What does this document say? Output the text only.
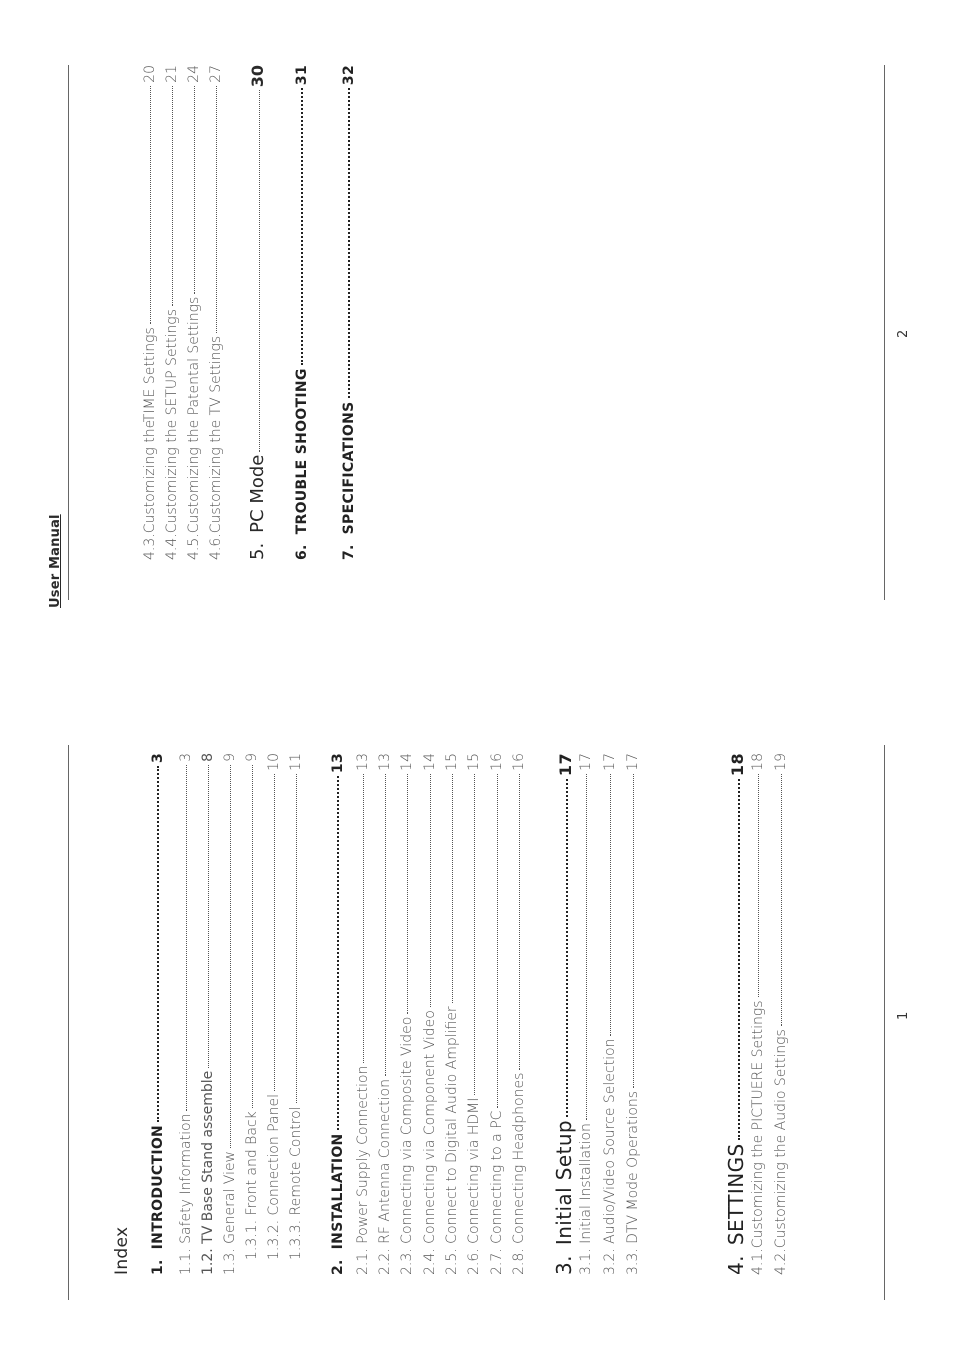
Index 1.INTRODUCTION
3
1.1. Safety Information
3
1.2. TV Base Stand assemble
8
1.3. General View
9
1.3.1. Front and Back
9
1.3.2. Connection Panel
10
1.3.3. Remote Control
11
2.INSTALLATION
13
2.1. Power Supply Connection
13
2.2. RF Antenna Connection
13
2.3. Connecting via Composite Video
14
2.4. Connecting via Component Video
14
2.5. Connect to Digital Audio Amplifier
15
2.6. Connecting via HDMI
15
2.7. Connecting to a PC
16
2.8. Connecting Headphones
16
3.Initial Setup
17
3.1. Initial Installation
17
3.2. Audio/Video Source Selection
17
3.3. DTV Mode Operations
17
4.SETTINGS
18
4.1.Customizing the PICTUERE Settings
18
4.2.Customizing the Audio Settings
19
1
User Manual
4.3.Customizing theTIME Settings
20
4.4.Customizing the SETUP Settings
21
4.5.Customizing the Patental Settings
24
4.6.Customizing the TV Settings
27
5.PC Mode
30
6.TROUBLE SHOOTING
31
7.SPECIFICATIONS
32
2
